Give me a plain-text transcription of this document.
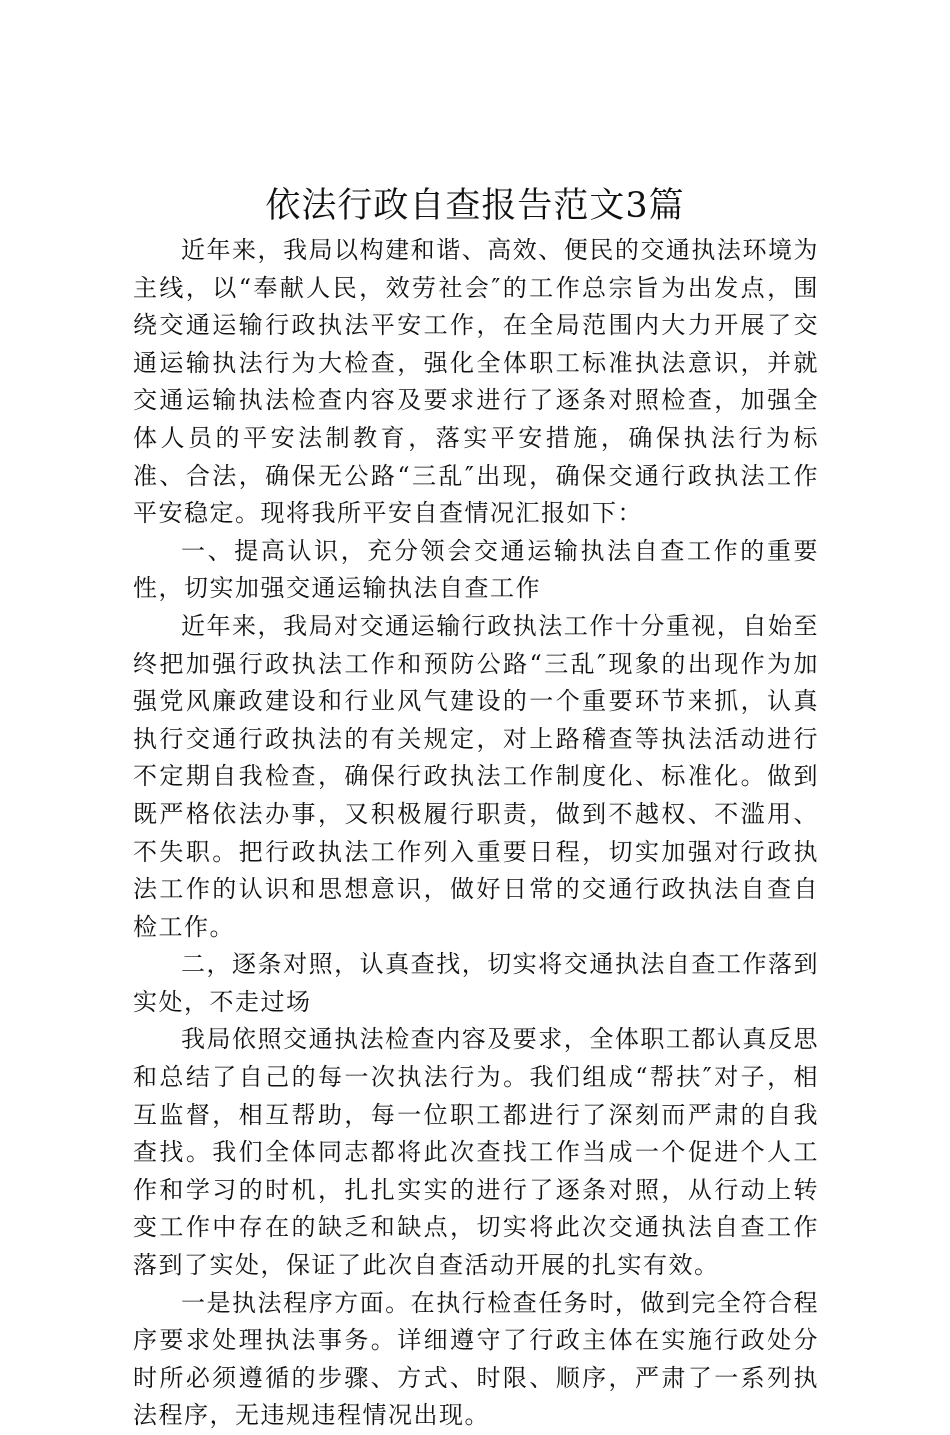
依法行政自查报告范文3篇

近年来，我局以构建和谐、高效、便民的交通执法环境为主线，以“奉献人民，效劳社会″的工作总宗旨为出发点，围绕交通运输行政执法平安工作，在全局范围内大力开展了交通运输执法行为大检查，强化全体职工标准执法意识，并就交通运输执法检查内容及要求进行了逐条对照检查，加强全体人员的平安法制教育，落实平安措施，确保执法行为标准、合法，确保无公路“三乱″出现，确保交通行政执法工作平安稳定。现将我所平安自查情况汇报如下：

一、提高认识，充分领会交通运输执法自查工作的重要性，切实加强交通运输执法自查工作

近年来，我局对交通运输行政执法工作十分重视，自始至终把加强行政执法工作和预防公路“三乱″现象的出现作为加强党风廉政建设和行业风气建设的一个重要环节来抓，认真执行交通行政执法的有关规定，对上路稽查等执法活动进行不定期自我检查，确保行政执法工作制度化、标准化。做到既严格依法办事，又积极履行职责，做到不越权、不滥用、不失职。把行政执法工作列入重要日程，切实加强对行政执法工作的认识和思想意识，做好日常的交通行政执法自查自检工作。

二，逐条对照，认真查找，切实将交通执法自查工作落到实处，不走过场

我局依照交通执法检查内容及要求，全体职工都认真反思和总结了自己的每一次执法行为。我们组成“帮扶″对子，相互监督，相互帮助，每一位职工都进行了深刻而严肃的自我查找。我们全体同志都将此次查找工作当成一个促进个人工作和学习的时机，扎扎实实的进行了逐条对照，从行动上转变工作中存在的缺乏和缺点，切实将此次交通执法自查工作落到了实处，保证了此次自查活动开展的扎实有效。

一是执法程序方面。在执行检查任务时，做到完全符合程序要求处理执法事务。详细遵守了行政主体在实施行政处分时所必须遵循的步骤、方式、时限、顺序，严肃了一系列执法程序，无违规违程情况出现。
